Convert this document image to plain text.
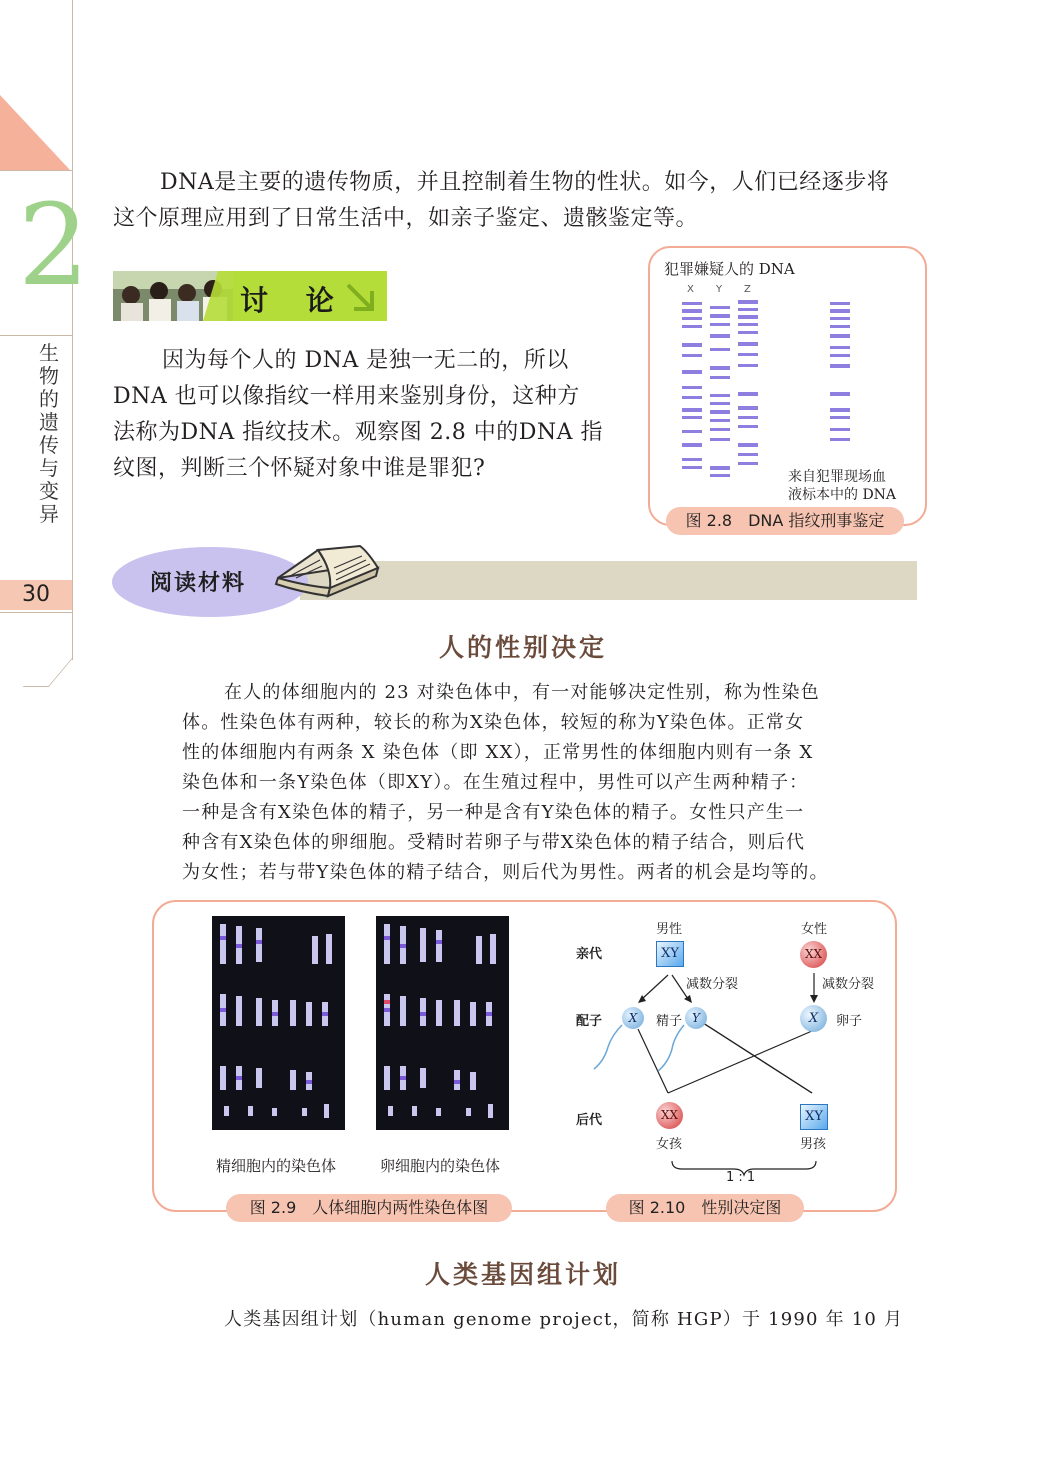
2
生物的遗传与变异
30
DNA是主要的遗传物质，并且控制着生物的性状。如今，人们已经逐步将
这个原理应用到了日常生活中，如亲子鉴定、遗骸鉴定等。
讨 论
因为每个人的 DNA 是独一无二的，所以
DNA 也可以像指纹一样用来鉴别身份，这种方
法称为DNA 指纹技术。观察图 2.8 中的DNA 指
纹图，判断三个怀疑对象中谁是罪犯?
犯罪嫌疑人的 DNA
X Y Z
来自犯罪现场血
液标本中的 DNA
图 2.8　DNA 指纹刑事鉴定
阅读材料
人的性别决定
在人的体细胞内的 23 对染色体中，有一对能够决定性别，称为性染色
体。性染色体有两种，较长的称为X染色体，较短的称为Y染色体。正常女
性的体细胞内有两条 X 染色体（即 XX），正常男性的体细胞内则有一条 X
染色体和一条Y染色体（即XY）。在生殖过程中，男性可以产生两种精子：
一种是含有X染色体的精子，另一种是含有Y染色体的精子。女性只产生一
种含有X染色体的卵细胞。受精时若卵子与带X染色体的精子结合，则后代
为女性；若与带Y染色体的精子结合，则后代为男性。两者的机会是均等的。
精细胞内的染色体	卵细胞内的染色体
男性	女性
亲代	XY	XX
减数分裂	减数分裂
配子	X	精子 Y	X	卵子
后代	XX	XY
女孩	男孩
1 : 1
图 2.9　人体细胞内两性染色体图	图 2.10　性别决定图
人类基因组计划
人类基因组计划（human genome project，简称 HGP）于 1990 年 10 月
